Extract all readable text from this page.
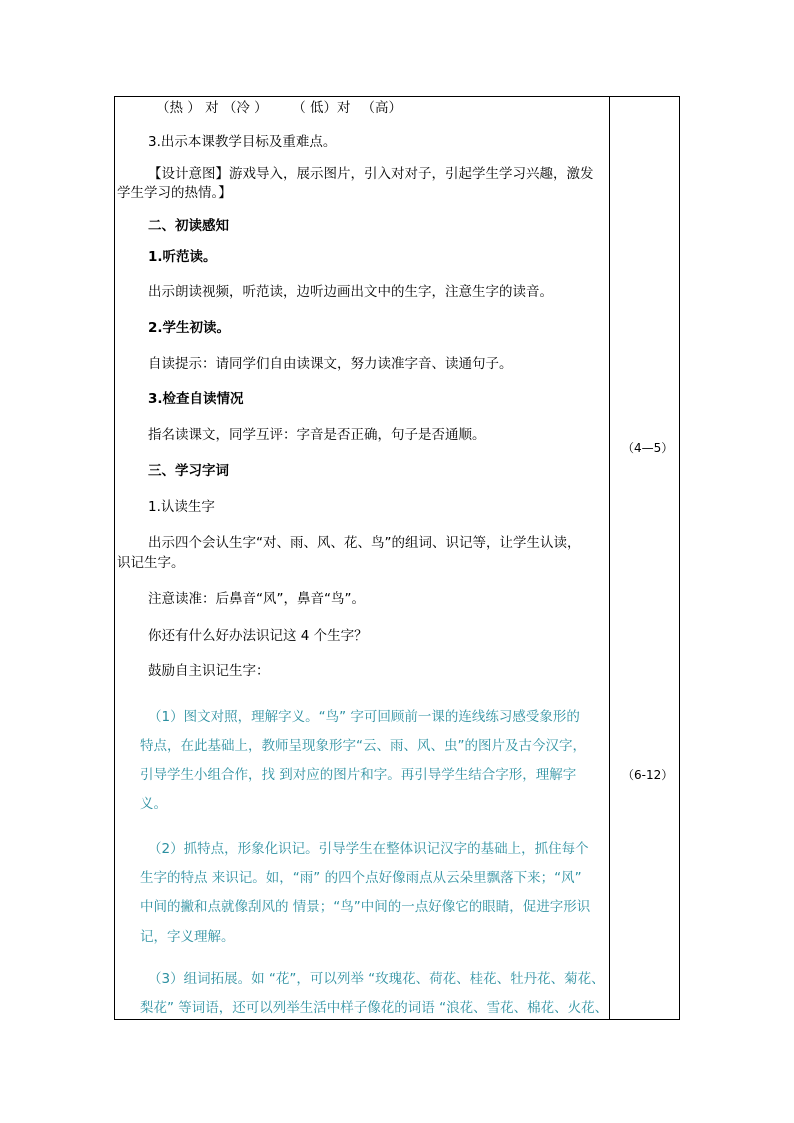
（热 ） 对 （冷 ）　　 （ 低）对 　（高）
3.出示本课教学目标及重难点。
【设计意图】游戏导入，展示图片，引入对对子，引起学生学习兴趣，激发
学生学习的热情。】
二、初读感知
1.听范读。
出示朗读视频，听范读，边听边画出文中的生字，注意生字的读音。
2.学生初读。
自读提示：请同学们自由读课文，努力读准字音、读通句子。
3.检查自读情况
指名读课文，同学互评：字音是否正确，句子是否通顺。
三、学习字词
1.认读生字
出示四个会认生字“对、雨、风、花、鸟”的组词、识记等，让学生认读，
识记生字。
注意读准：后鼻音“风”，鼻音“鸟”。
你还有什么好办法识记这 4 个生字？
鼓励自主识记生字：
（1）图文对照，理解字义。“鸟” 字可回顾前一课的连线练习感受象形的
特点，在此基础上，教师呈现象形字“云、雨、风、虫”的图片及古今汉字，
引导学生小组合作，找 到对应的图片和字。再引导学生结合字形，理解字
义。
（2）抓特点，形象化识记。引导学生在整体识记汉字的基础上，抓住每个
生字的特点 来识记。如，“雨” 的四个点好像雨点从云朵里飘落下来；“风”
中间的撇和点就像刮风的 情景；“鸟”中间的一点好像它的眼睛，促进字形识
记，字义理解。
（3）组词拓展。如 “花”，可以列举 “玫瑰花、荷花、桂花、牡丹花、菊花、
梨花” 等词语，还可以列举生活中样子像花的词语 “浪花、雪花、棉花、火花、
（4—5）
（6-12）
